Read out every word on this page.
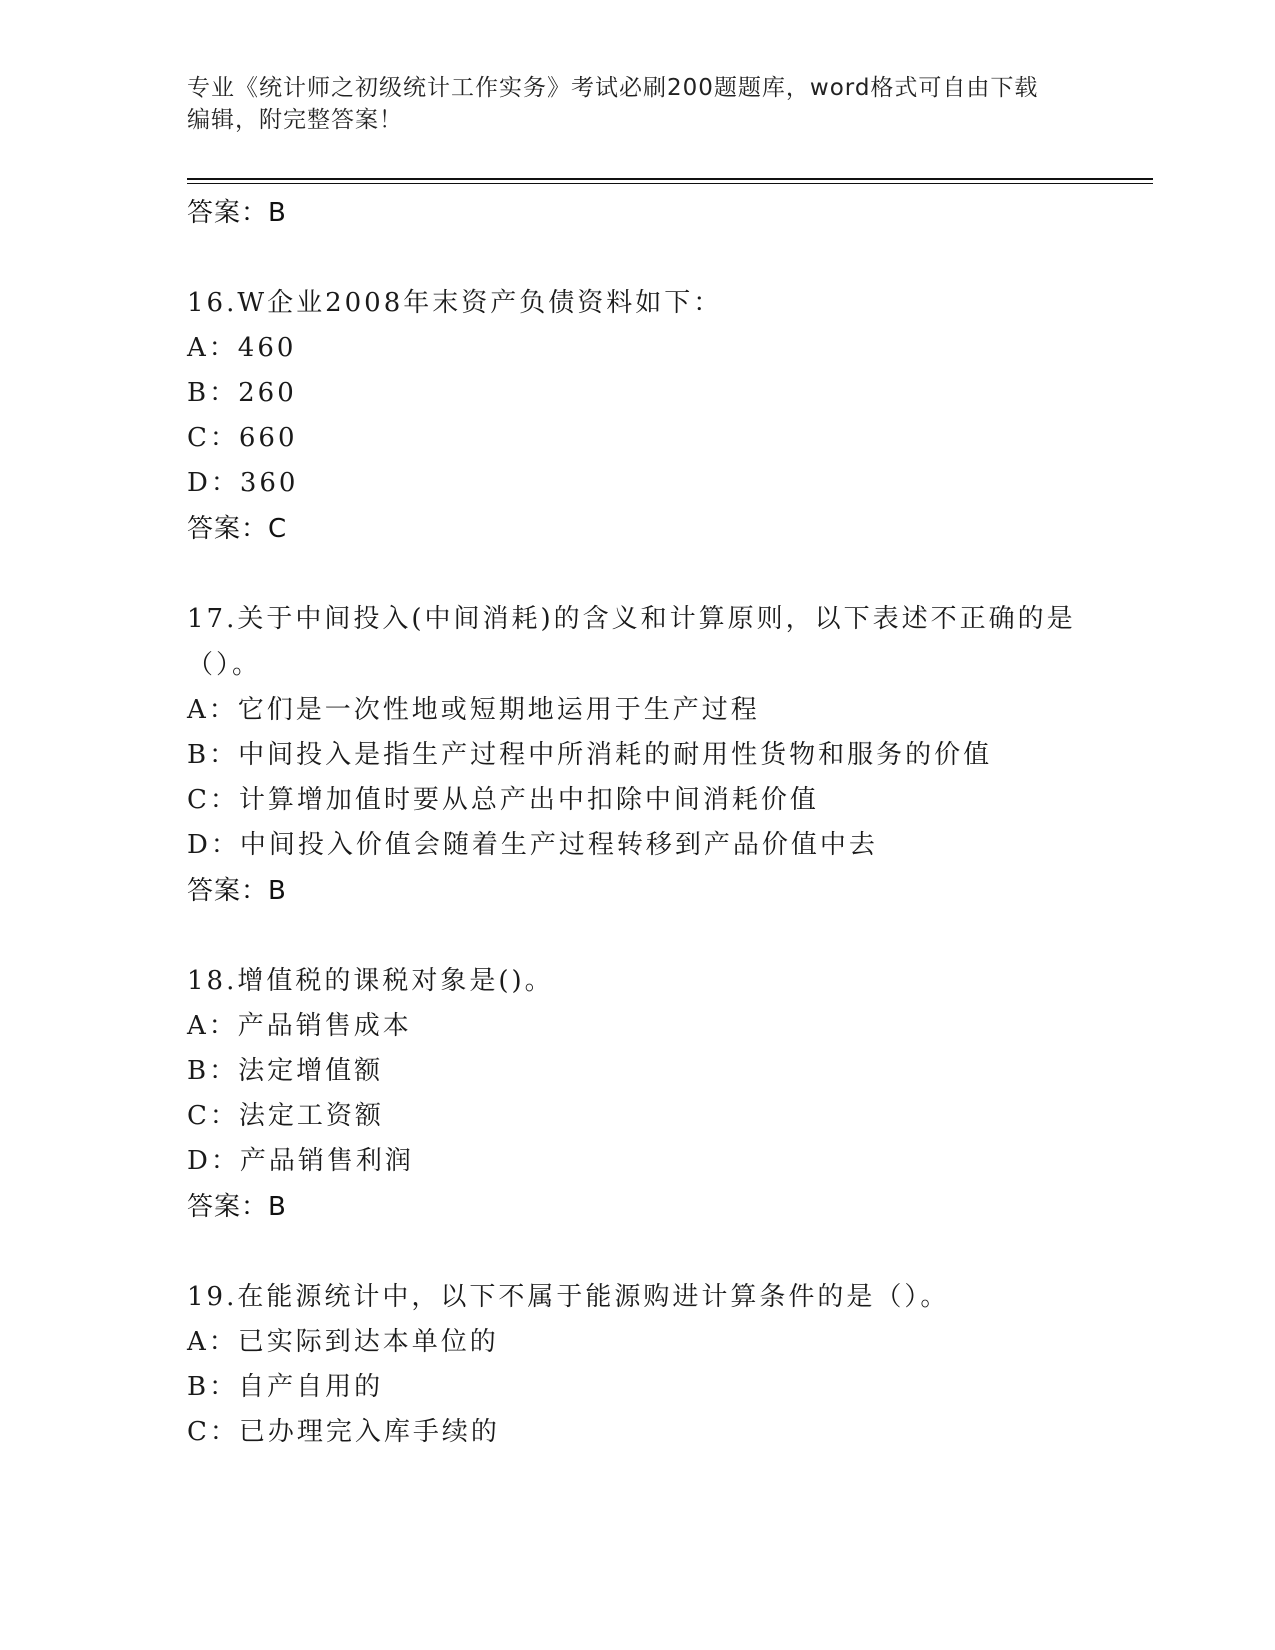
专业《统计师之初级统计工作实务》考试必刷200题题库，word格式可自由下载
编辑，附完整答案！
答案：B
16.W企业2008年末资产负债资料如下：
A：460
B：260
C：660
D：360
答案：C
17.关于中间投入(中间消耗)的含义和计算原则，以下表述不正确的是（）。
A：它们是一次性地或短期地运用于生产过程
B：中间投入是指生产过程中所消耗的耐用性货物和服务的价值
C：计算增加值时要从总产出中扣除中间消耗价值
D：中间投入价值会随着生产过程转移到产品价值中去
答案：B
18.增值税的课税对象是()。
A：产品销售成本
B：法定增值额
C：法定工资额
D：产品销售利润
答案：B
19.在能源统计中，以下不属于能源购进计算条件的是（）。
A：已实际到达本单位的
B：自产自用的
C：已办理完入库手续的
